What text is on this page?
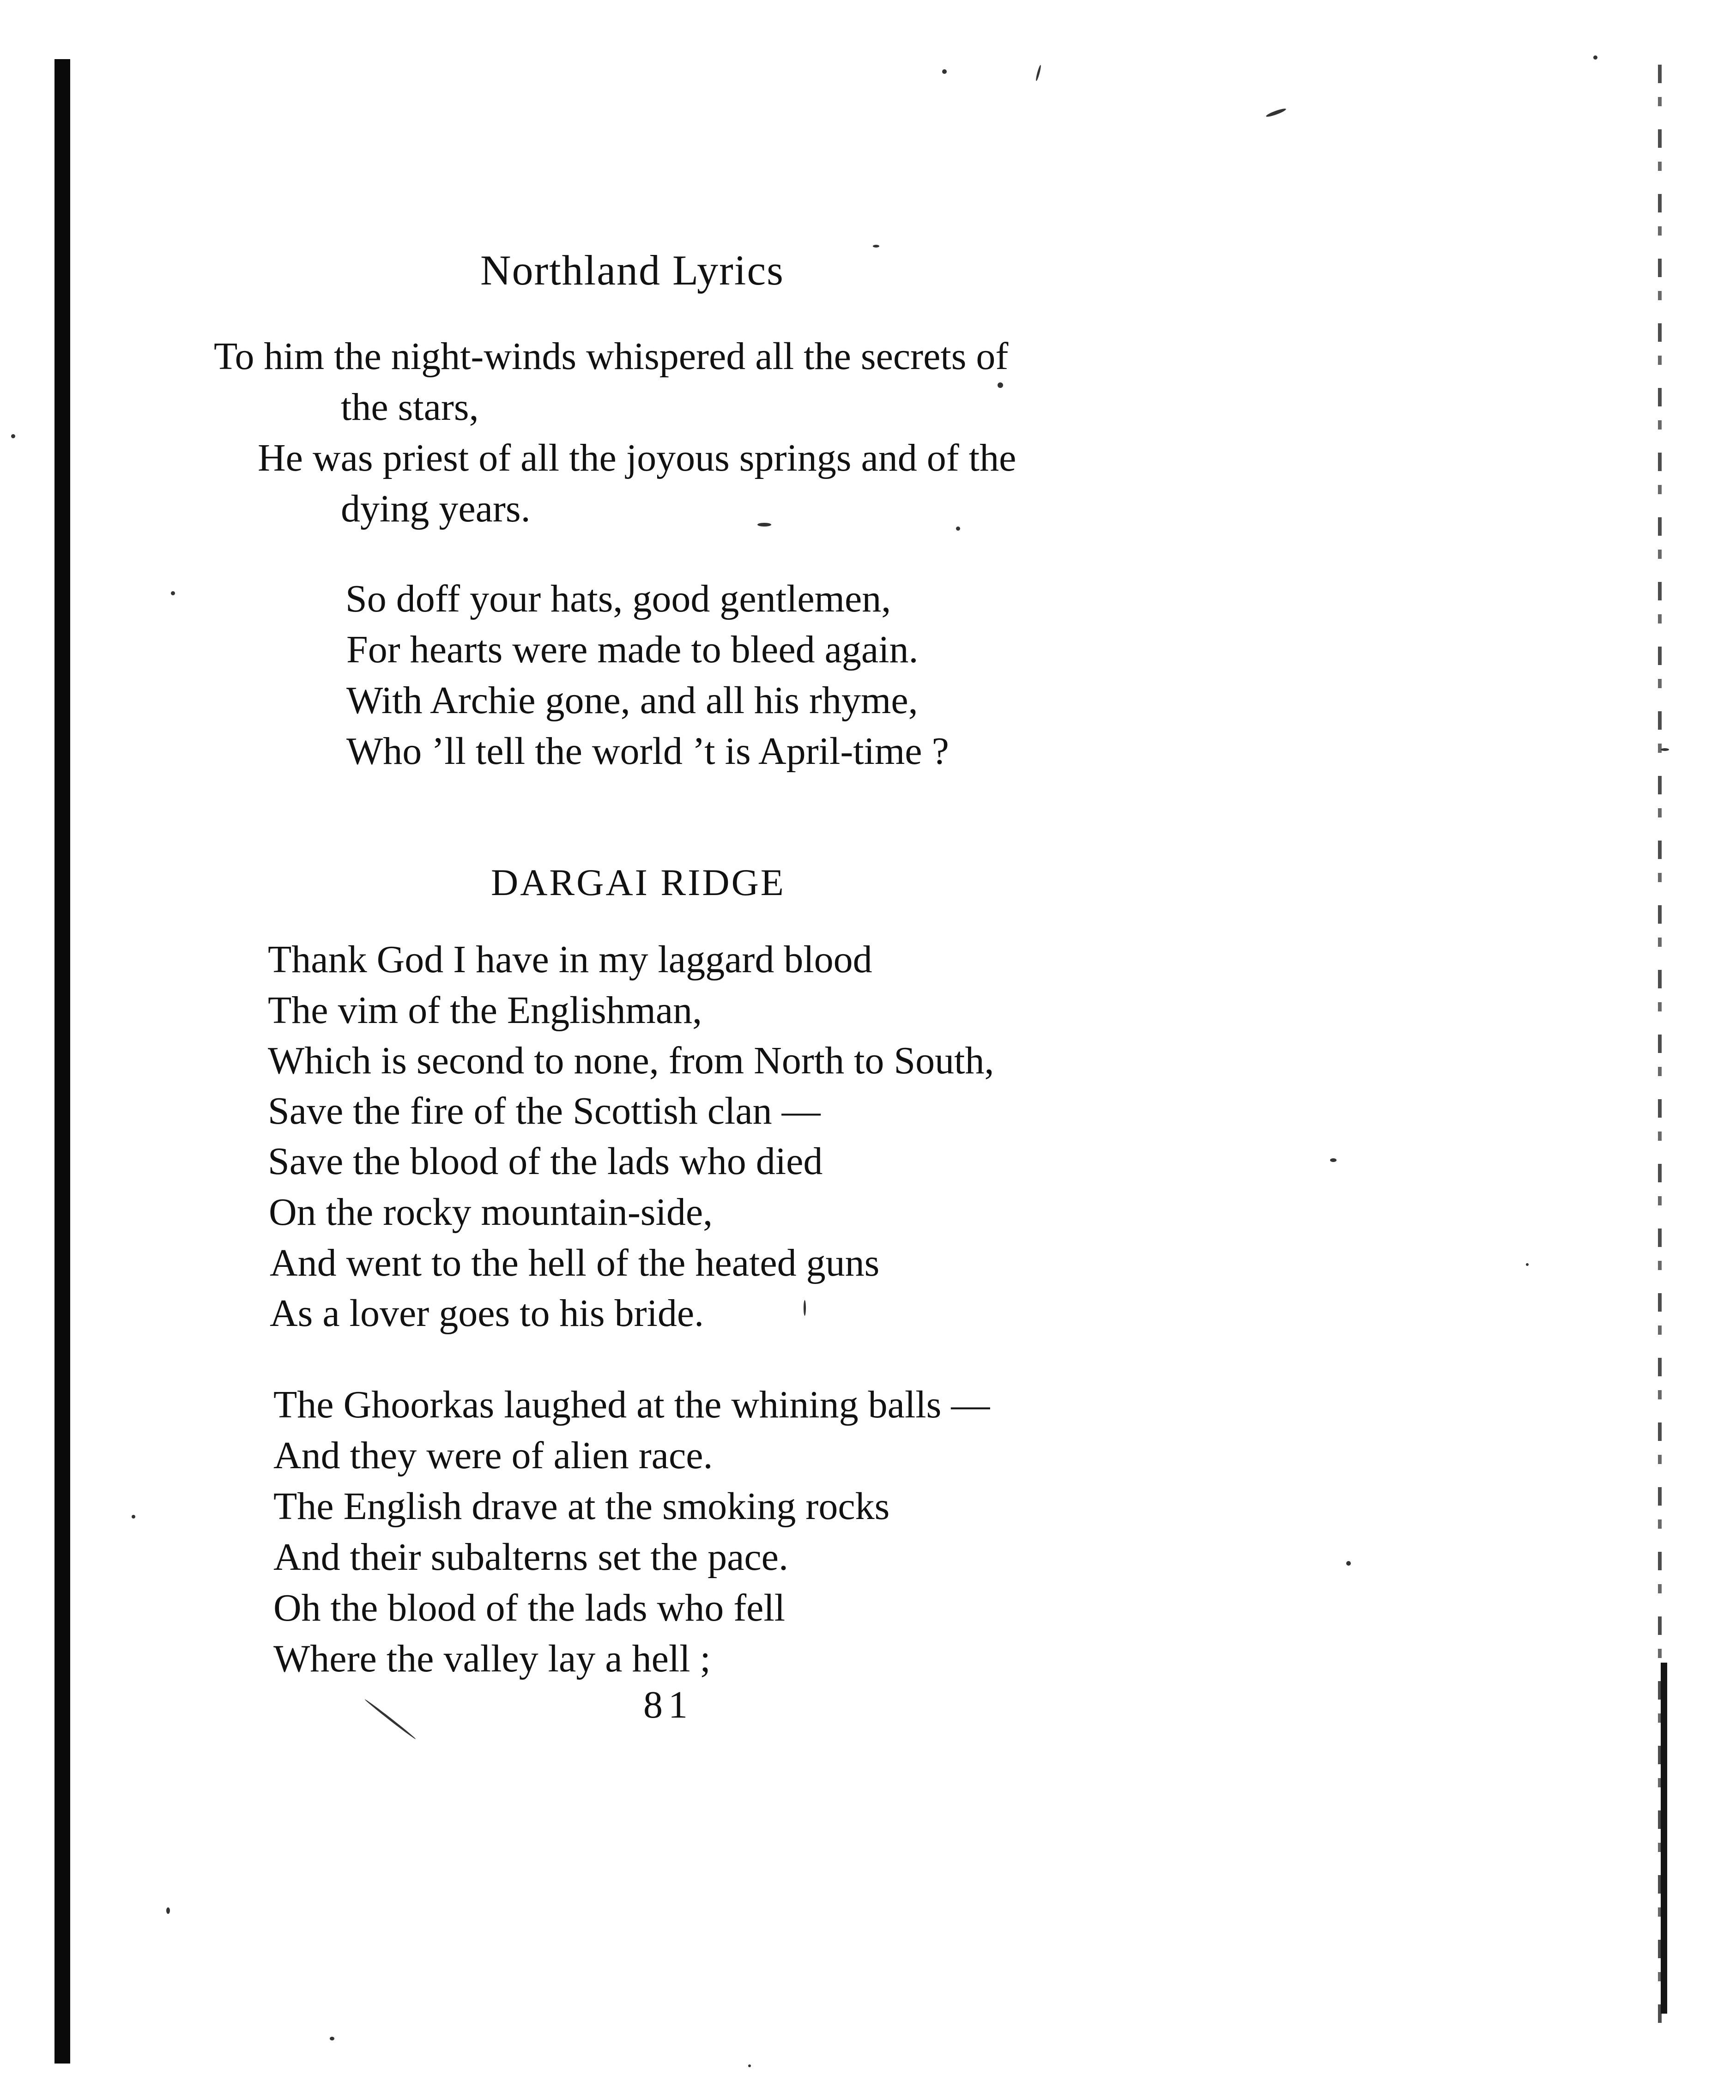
Northland Lyrics

To him the night-winds whispered all the secrets of

the stars,

He was priest of all the joyous springs and of the

dying years.

So doff your hats, good gentlemen,

For hearts were made to bleed again.

With Archie gone, and all his rhyme,

Who ’ll tell the world ’t is April-time ?

DARGAI RIDGE

Thank God I have in my laggard blood

The vim of the Englishman,

Which is second to none, from North to South,

Save the fire of the Scottish clan —

Save the blood of the lads who died

On the rocky mountain-side,

And went to the hell of the heated guns

As a lover goes to his bride.

The Ghoorkas laughed at the whining balls —

And they were of alien race.

The English drave at the smoking rocks

And their subalterns set the pace.

Oh the blood of the lads who fell

Where the valley lay a hell ;

81
